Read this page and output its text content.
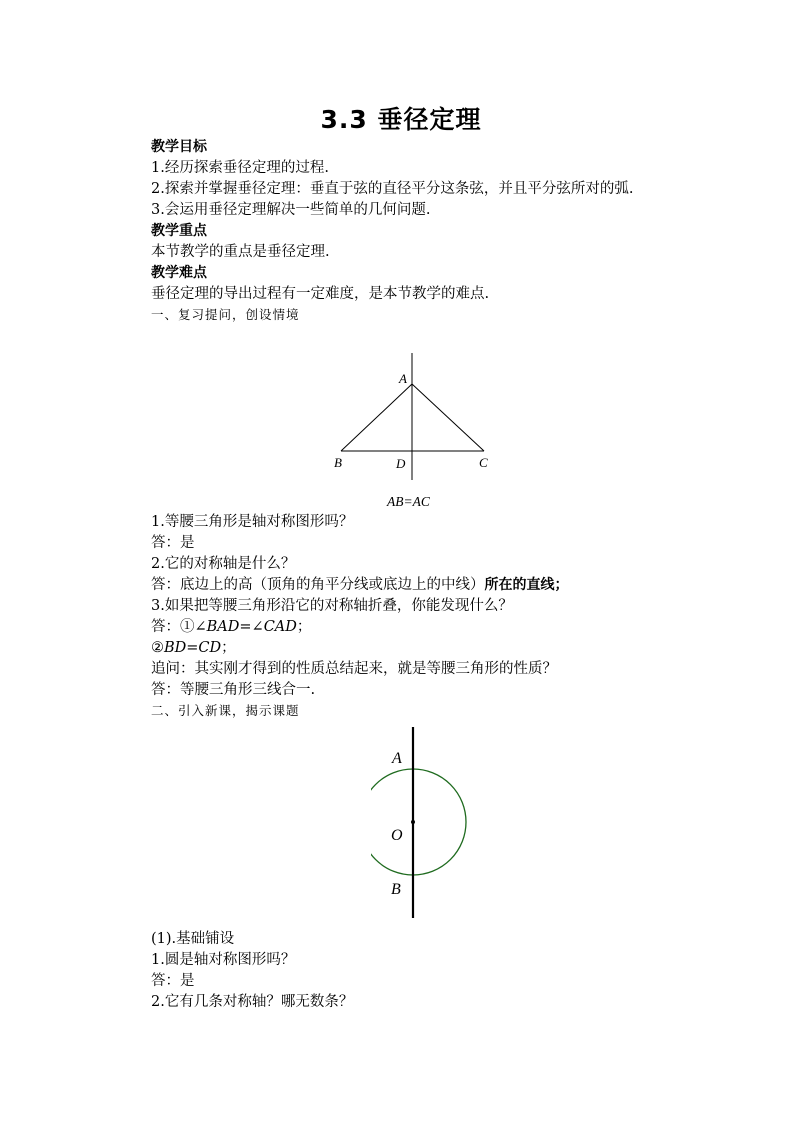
3.3 垂径定理
教学目标
1.经历探索垂径定理的过程.
2.探索并掌握垂径定理：垂直于弦的直径平分这条弦，并且平分弦所对的弧.
3.会运用垂径定理解决一些简单的几何问题.
教学重点
本节教学的重点是垂径定理.
教学难点
垂径定理的导出过程有一定难度，是本节教学的难点.
一、复习提问，创设情境
A
B	D	C
AB=AC
1.等腰三角形是轴对称图形吗？
答：是
2.它的对称轴是什么？
答：底边上的高（顶角的角平分线或底边上的中线）所在的直线；
3.如果把等腰三角形沿它的对称轴折叠，你能发现什么？
答：①∠BAD=∠CAD；
②BD=CD；
追问：其实刚才得到的性质总结起来，就是等腰三角形的性质？
答：等腰三角形三线合一.
二、引入新课，揭示课题
A
O
B
(1).基础铺设
1.圆是轴对称图形吗？
答：是
2.它有几条对称轴？哪无数条？
